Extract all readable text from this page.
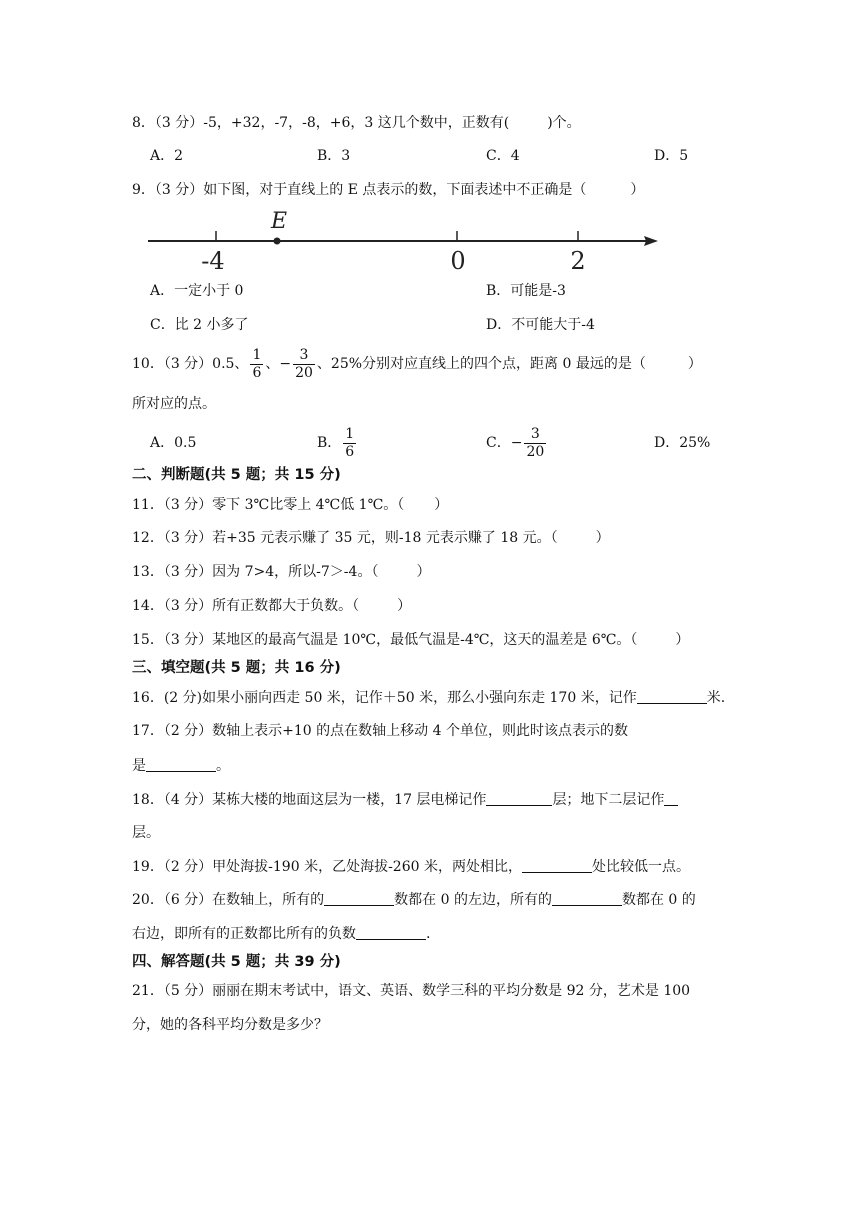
8．（3 分）-5，+32，-7，-8，+6，3 这几个数中，正数有(	)个。
A．2	B．3	C．4	D．5
9．（3 分）如下图，对于直线上的 E 点表示的数，下面表述中不正确是（	）
E
-4	0	2
A．一定小于 0	B．可能是-3
C．比 2 小多了	D．不可能大于-4
10．（3 分）0.5、 $\frac{1}{6}$ 、− $\frac{3}{20}$ 、25%分别对应直线上的四个点，距离 0 最远的是（	）
所对应的点。
A．0.5	B． $\frac{1}{6}$	C．− $\frac{3}{20}$	D．25%
二、判断题(共 5 题；共 15 分)
11．（3 分）零下 3℃比零上 4℃低 1℃。（ ）
12．（3 分）若+35 元表示赚了 35 元，则-18 元表示赚了 18 元。（	）
13．（3 分）因为 7>4，所以-7＞-4。（	）
14．（3 分）所有正数都大于负数。（	）
15．（3 分）某地区的最高气温是 10℃，最低气温是-4℃，这天的温差是 6℃。（	）
三、填空题(共 5 题；共 16 分)
16．(2 分)如果小丽向西走 50 米，记作＋50 米，那么小强向东走 170 米，记作	米.
17．（2 分）数轴上表示+10 的点在数轴上移动 4 个单位，则此时该点表示的数
是	。
18．（4 分）某栋大楼的地面这层为一楼，17 层电梯记作	层；地下二层记作
层。
19．（2 分）甲处海拔-190 米，乙处海拔-260 米，两处相比，	处比较低一点。
20．（6 分）在数轴上，所有的	数都在 0 的左边，所有的	数都在 0 的
右边，即所有的正数都比所有的负数	.
四、解答题(共 5 题；共 39 分)
21．（5 分）丽丽在期末考试中，语文、英语、数学三科的平均分数是 92 分，艺术是 100
分，她的各科平均分数是多少？
